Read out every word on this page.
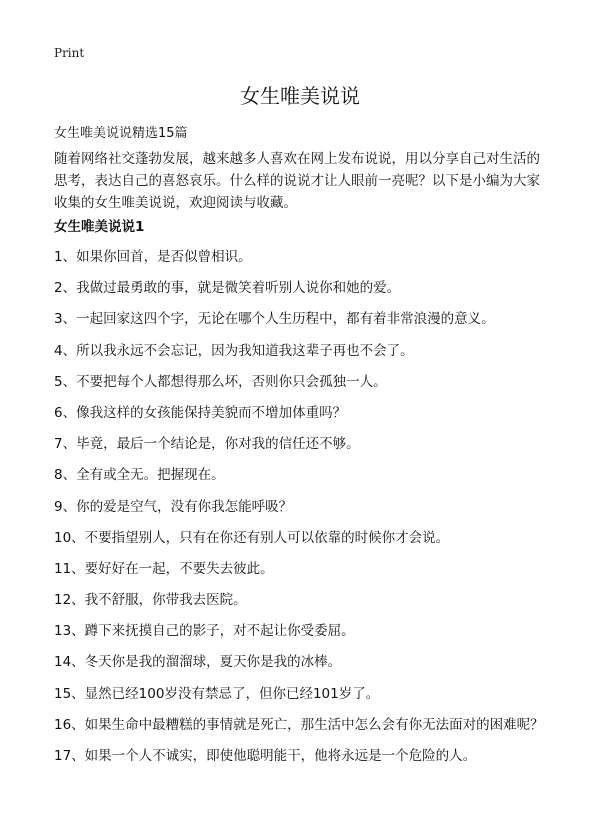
Print
女生唯美说说

女生唯美说说精选15篇

随着网络社交蓬勃发展，越来越多人喜欢在网上发布说说，用以分享自己对生活的思考，表达自己的喜怒哀乐。什么样的说说才让人眼前一亮呢？以下是小编为大家收集的女生唯美说说，欢迎阅读与收藏。

女生唯美说说1
1、如果你回首，是否似曾相识。
2、我做过最勇敢的事，就是微笑着听别人说你和她的爱。
3、一起回家这四个字，无论在哪个人生历程中，都有着非常浪漫的意义。
4、所以我永远不会忘记，因为我知道我这辈子再也不会了。
5、不要把每个人都想得那么坏，否则你只会孤独一人。
6、像我这样的女孩能保持美貌而不增加体重吗？
7、毕竟，最后一个结论是，你对我的信任还不够。
8、全有或全无。把握现在。
9、你的爱是空气，没有你我怎能呼吸？
10、不要指望别人，只有在你还有别人可以依靠的时候你才会说。
11、要好好在一起，不要失去彼此。
12、我不舒服，你带我去医院。
13、蹲下来抚摸自己的影子，对不起让你受委屈。
14、冬天你是我的溜溜球，夏天你是我的冰棒。
15、显然已经100岁没有禁忌了，但你已经101岁了。
16、如果生命中最糟糕的事情就是死亡，那生活中怎么会有你无法面对的困难呢？
17、如果一个人不诚实，即使他聪明能干，他将永远是一个危险的人。
